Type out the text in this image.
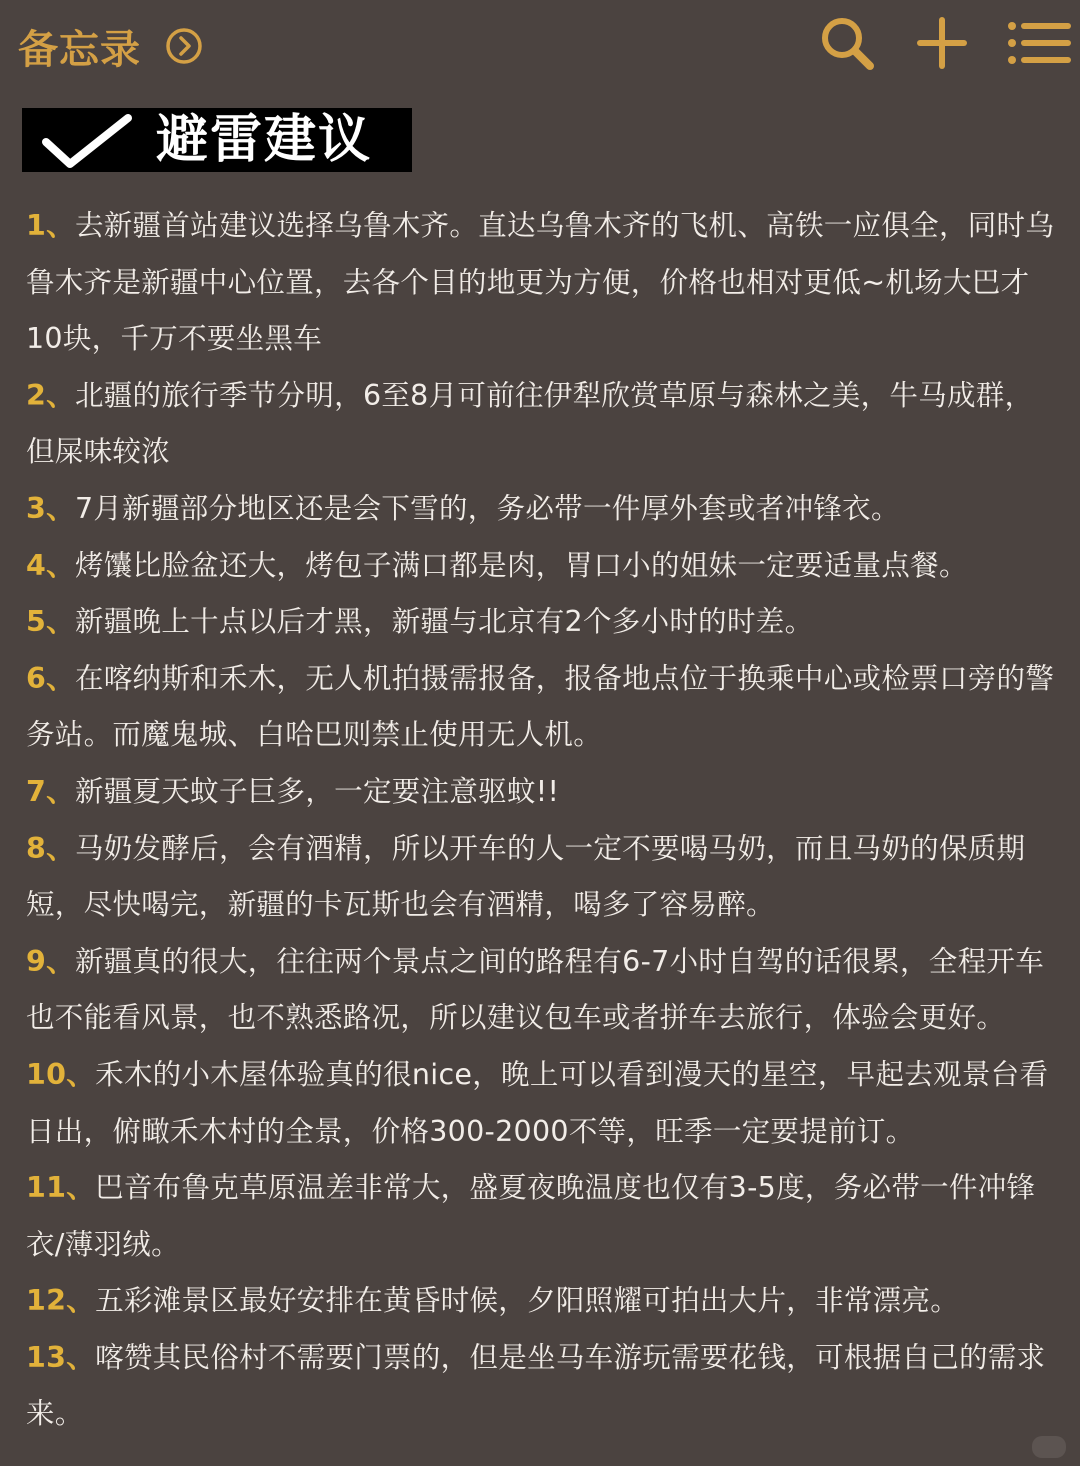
备忘录
避雷建议

1、去新疆首站建议选择乌鲁木齐。直达乌鲁木齐的飞机、高铁一应俱全，同时乌鲁木齐是新疆中心位置，去各个目的地更为方便，价格也相对更低~机场大巴才10块，千万不要坐黑车

2、北疆的旅行季节分明，6至8月可前往伊犁欣赏草原与森林之美，牛马成群，但屎味较浓

3、7月新疆部分地区还是会下雪的，务必带一件厚外套或者冲锋衣。

4、烤馕比脸盆还大，烤包子满口都是肉，胃口小的姐妹一定要适量点餐。

5、新疆晚上十点以后才黑，新疆与北京有2个多小时的时差。

6、在喀纳斯和禾木，无人机拍摄需报备，报备地点位于换乘中心或检票口旁的警务站。而魔鬼城、白哈巴则禁止使用无人机。

7、新疆夏天蚊子巨多，一定要注意驱蚊!!

8、马奶发酵后，会有酒精，所以开车的人一定不要喝马奶，而且马奶的保质期短，尽快喝完，新疆的卡瓦斯也会有酒精，喝多了容易醉。

9、新疆真的很大，往往两个景点之间的路程有6-7小时自驾的话很累，全程开车也不能看风景，也不熟悉路况，所以建议包车或者拼车去旅行，体验会更好。

10、禾木的小木屋体验真的很nice，晚上可以看到漫天的星空，早起去观景台看日出，俯瞰禾木村的全景，价格300-2000不等，旺季一定要提前订。

11、巴音布鲁克草原温差非常大，盛夏夜晚温度也仅有3-5度，务必带一件冲锋衣/薄羽绒。

12、五彩滩景区最好安排在黄昏时候，夕阳照耀可拍出大片，非常漂亮。

13、喀赞其民俗村不需要门票的，但是坐马车游玩需要花钱，可根据自己的需求来。
